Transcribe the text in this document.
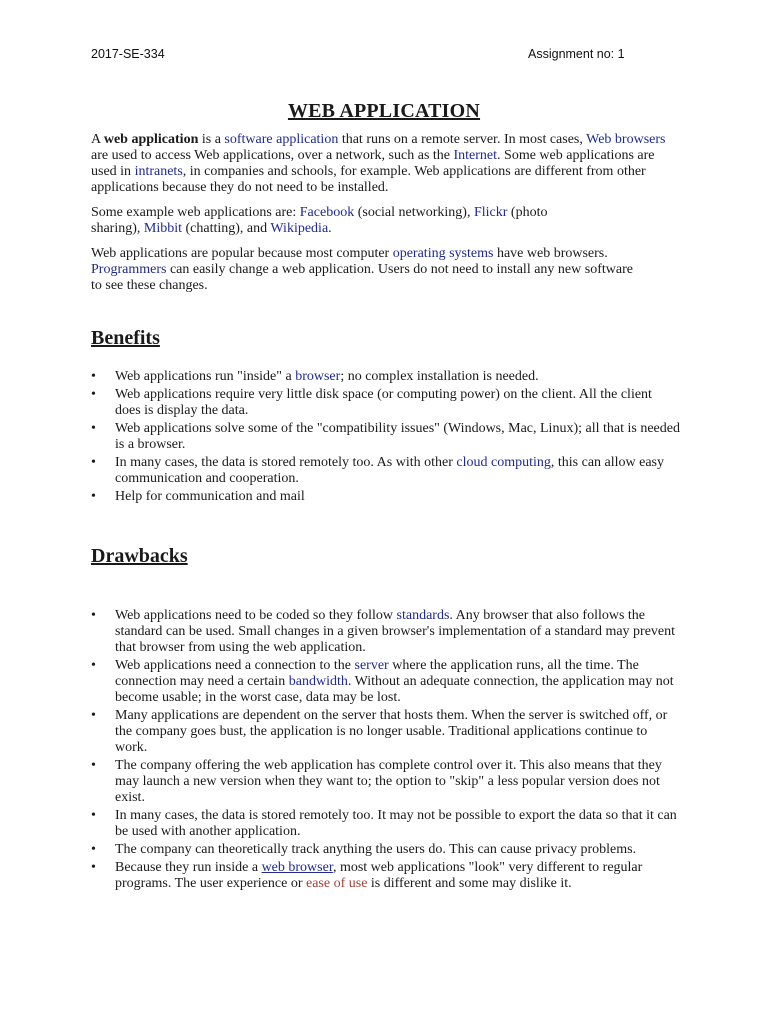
2017-SE-334	Assignment no: 1
WEB APPLICATION

A web application is a software application that runs on a remote server. In most cases, Web browsers are used to access Web applications, over a network, such as the Internet. Some web applications are used in intranets, in companies and schools, for example. Web applications are different from other applications because they do not need to be installed.

Some example web applications are: Facebook (social networking), Flickr (photo sharing), Mibbit (chatting), and Wikipedia.

Web applications are popular because most computer operating systems have web browsers. Programmers can easily change a web application. Users do not need to install any new software to see these changes.

Benefits
•	Web applications run "inside" a browser; no complex installation is needed.
•	Web applications require very little disk space (or computing power) on the client. All the client does is display the data.
•	Web applications solve some of the "compatibility issues" (Windows, Mac, Linux); all that is needed is a browser.
•	In many cases, the data is stored remotely too. As with other cloud computing, this can allow easy communication and cooperation.
•	Help for communication and mail
Drawbacks
•	Web applications need to be coded so they follow standards. Any browser that also follows the standard can be used. Small changes in a given browser's implementation of a standard may prevent that browser from using the web application.
•	Web applications need a connection to the server where the application runs, all the time. The connection may need a certain bandwidth. Without an adequate connection, the application may not become usable; in the worst case, data may be lost.
•	Many applications are dependent on the server that hosts them. When the server is switched off, or the company goes bust, the application is no longer usable. Traditional applications continue to work.
•	The company offering the web application has complete control over it. This also means that they may launch a new version when they want to; the option to "skip" a less popular version does not exist.
•	In many cases, the data is stored remotely too. It may not be possible to export the data so that it can be used with another application.
•	The company can theoretically track anything the users do. This can cause privacy problems.
•	Because they run inside a web browser, most web applications "look" very different to regular programs. The user experience or ease of use is different and some may dislike it.
